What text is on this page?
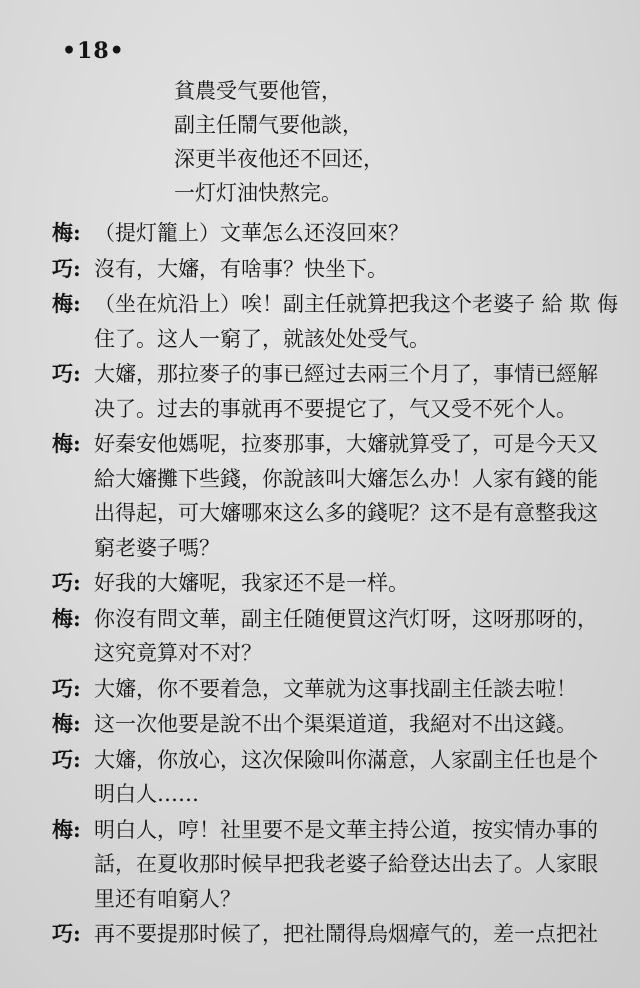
•18•
貧農受气要他管，
副主任鬧气要他談，
深更半夜他还不回还，
一灯灯油快熬完。
梅: （提灯籠上）文華怎么还沒回來？
巧: 沒有，大嬸，有啥事？快坐下。
梅: （坐在炕沿上）唉！副主任就算把我这个老婆子 給 欺 侮
住了。这人一窮了，就該处处受气。
巧: 大嬸，那拉麥子的事已經过去兩三个月了，事情已經解
决了。过去的事就再不要提它了，气又受不死个人。
梅: 好秦安他媽呢，拉麥那事，大嬸就算受了，可是今天又
給大嬸攤下些錢，你說該叫大嬸怎么办！人家有錢的能
出得起，可大嬸哪來这么多的錢呢？这不是有意整我这
窮老婆子嗎？
巧: 好我的大嬸呢，我家还不是一样。
梅: 你沒有問文華，副主任随便買这汽灯呀，这呀那呀的，
这究竟算对不对？
巧: 大嬸，你不要着急，文華就为这事找副主任談去啦！
梅: 这一次他要是說不出个渠渠道道，我絕对不出这錢。
巧: 大嬸，你放心，这次保險叫你滿意，人家副主任也是个
明白人……
梅: 明白人，哼！社里要不是文華主持公道，按实情办事的
話，在夏收那时候早把我老婆子給登达出去了。人家眼
里还有咱窮人？
巧: 再不要提那时候了，把社鬧得烏烟瘴气的，差一点把社
